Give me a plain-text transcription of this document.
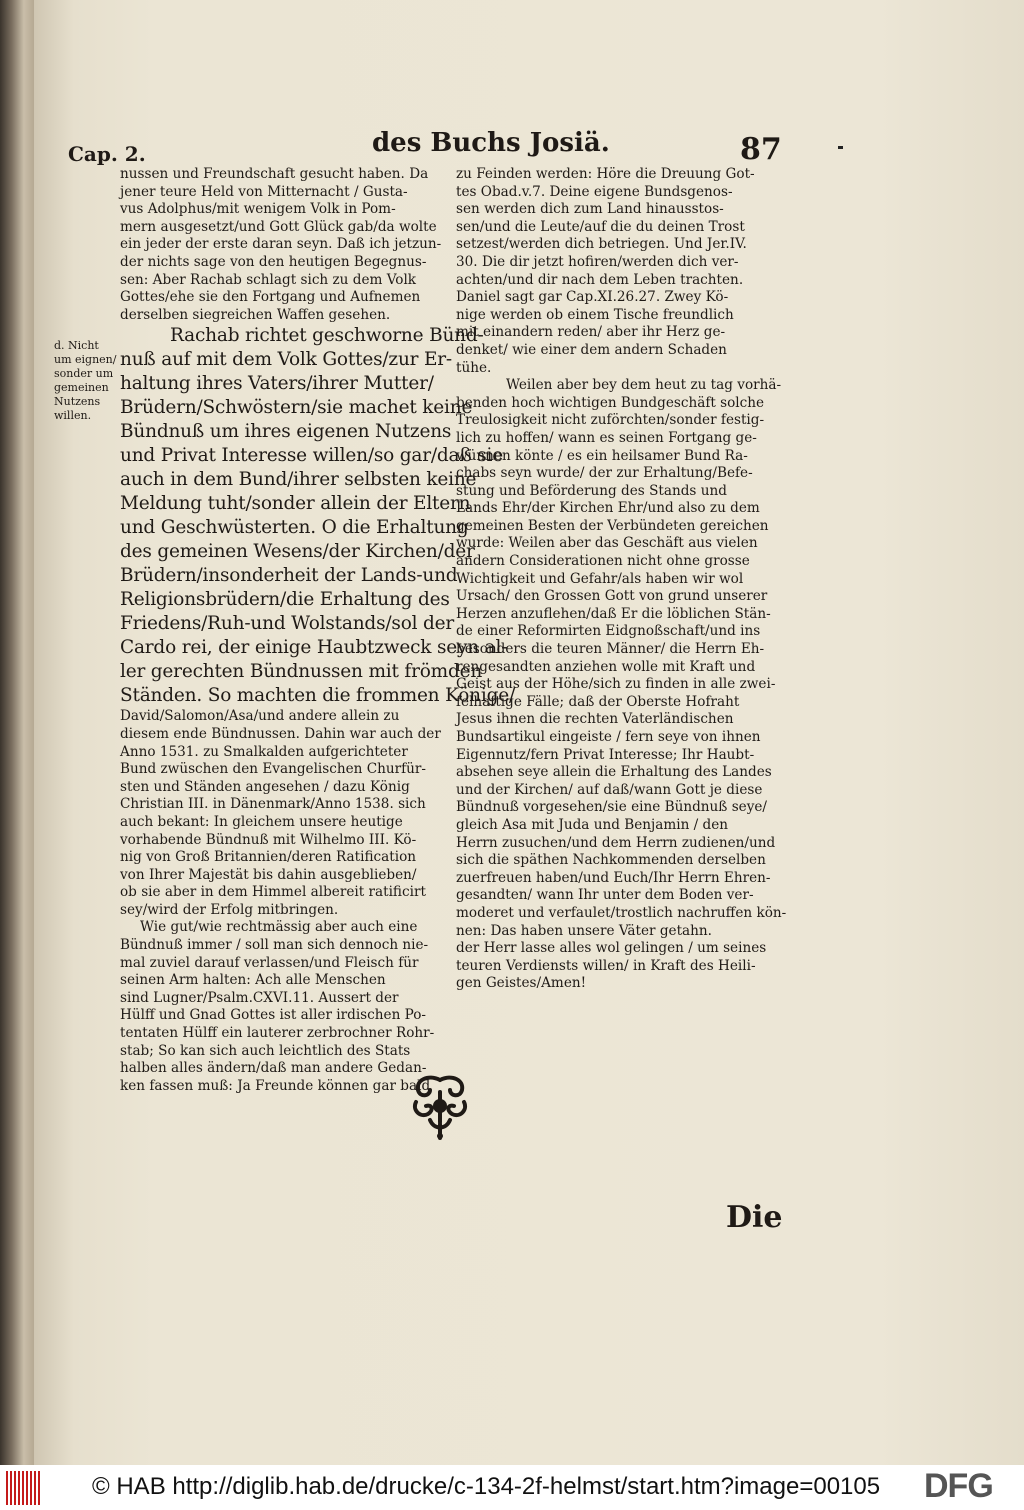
Cap. 2.	des Buchs Josiä.	87

d. Nicht

um eignen/

sonder um

gemeinen

Nutzens

willen.

nussen und Freundschaft gesucht haben. Da

jener teure Held von Mitternacht / Gusta-

vus Adolphus/mit wenigem Volk in Pom-

mern ausgesetzt/und Gott Glück gab/da wolte

ein jeder der erste daran seyn. Daß ich jetzun-

der nichts sage von den heutigen Begegnus-

sen: Aber Rachab schlagt sich zu dem Volk

Gottes/ehe sie den Fortgang und Aufnemen

derselben siegreichen Waffen gesehen.

Rachab richtet geschworne Bünd-

nuß auf mit dem Volk Gottes/zur Er-

haltung ihres Vaters/ihrer Mutter/

Brüdern/Schwöstern/sie machet keine

Bündnuß um ihres eigenen Nutzens

und Privat Interesse willen/so gar/daß sie

auch in dem Bund/ihrer selbsten keine

Meldung tuht/sonder allein der Eltern

und Geschwüsterten. O die Erhaltung

des gemeinen Wesens/der Kirchen/der

Brüdern/insonderheit der Lands-und

Religionsbrüdern/die Erhaltung des

Friedens/Ruh-und Wolstands/sol der

Cardo rei, der einige Haubtzweck seyn al-

ler gerechten Bündnussen mit frömden

Ständen. So machten die frommen Könige/

David/Salomon/Asa/und andere allein zu

diesem ende Bündnussen. Dahin war auch der

Anno 1531. zu Smalkalden aufgerichteter

Bund zwüschen den Evangelischen Churfür-

sten und Ständen angesehen / dazu König

Christian III. in Dänenmark/Anno 1538. sich

auch bekant: In gleichem unsere heutige

vorhabende Bündnuß mit Wilhelmo III. Kö-

nig von Groß Britannien/deren Ratification

von Ihrer Majestät bis dahin ausgeblieben/

ob sie aber in dem Himmel albereit ratificirt

sey/wird der Erfolg mitbringen.

Wie gut/wie rechtmässig aber auch eine

Bündnuß immer / soll man sich dennoch nie-

mal zuviel darauf verlassen/und Fleisch für

seinen Arm halten: Ach alle Menschen

sind Lugner/Psalm.CXVI.11. Aussert der

Hülff und Gnad Gottes ist aller irdischen Po-

tentaten Hülff ein lauterer zerbrochner Rohr-

stab; So kan sich auch leichtlich des Stats

halben alles ändern/daß man andere Gedan-

ken fassen muß: Ja Freunde können gar bald

zu Feinden werden: Höre die Dreuung Got-

tes Obad.v.7. Deine eigene Bundsgenos-

sen werden dich zum Land hinausstos-

sen/und die Leute/auf die du deinen Trost

setzest/werden dich betriegen. Und Jer.IV.

30. Die dir jetzt hofiren/werden dich ver-

achten/und dir nach dem Leben trachten.

Daniel sagt gar Cap.XI.26.27. Zwey Kö-

nige werden ob einem Tische freundlich

mit einandern reden/ aber ihr Herz ge-

denket/ wie einer dem andern Schaden

tühe.

Weilen aber bey dem heut zu tag vorhä-

benden hoch wichtigen Bundgeschäft solche

Treulosigkeit nicht zuförchten/sonder festig-

lich zu hoffen/ wann es seinen Fortgang ge-

wünnen könte / es ein heilsamer Bund Ra-

chabs seyn wurde/ der zur Erhaltung/Befe-

stung und Beförderung des Stands und

Lands Ehr/der Kirchen Ehr/und also zu dem

gemeinen Besten der Verbündeten gereichen

wurde: Weilen aber das Geschäft aus vielen

andern Considerationen nicht ohne grosse

Wichtigkeit und Gefahr/als haben wir wol

Ursach/ den Grossen Gott von grund unserer

Herzen anzuflehen/daß Er die löblichen Stän-

de einer Reformirten Eidgnoßschaft/und ins

besonders die teuren Männer/ die Herrn Eh-

rengesandten anziehen wolle mit Kraft und

Geist aus der Höhe/sich zu finden in alle zwei-

felhaftige Fälle; daß der Oberste Hofraht

Jesus ihnen die rechten Vaterländischen

Bundsartikul eingeiste / fern seye von ihnen

Eigennutz/fern Privat Interesse; Ihr Haubt-

absehen seye allein die Erhaltung des Landes

und der Kirchen/ auf daß/wann Gott je diese

Bündnuß vorgesehen/sie eine Bündnuß seye/

gleich Asa mit Juda und Benjamin / den

Herrn zusuchen/und dem Herrn zudienen/und

sich die späthen Nachkommenden derselben

zuerfreuen haben/und Euch/Ihr Herrn Ehren-

gesandten/ wann Ihr unter dem Boden ver-

moderet und verfaulet/trostlich nachruffen kön-

nen: Das haben unsere Väter getahn.

der Herr lasse alles wol gelingen / um seines

teuren Verdiensts willen/ in Kraft des Heili-

gen Geistes/Amen!

Die
© HAB http://diglib.hab.de/drucke/c-134-2f-helmst/start.htm?image=00105 DFG
